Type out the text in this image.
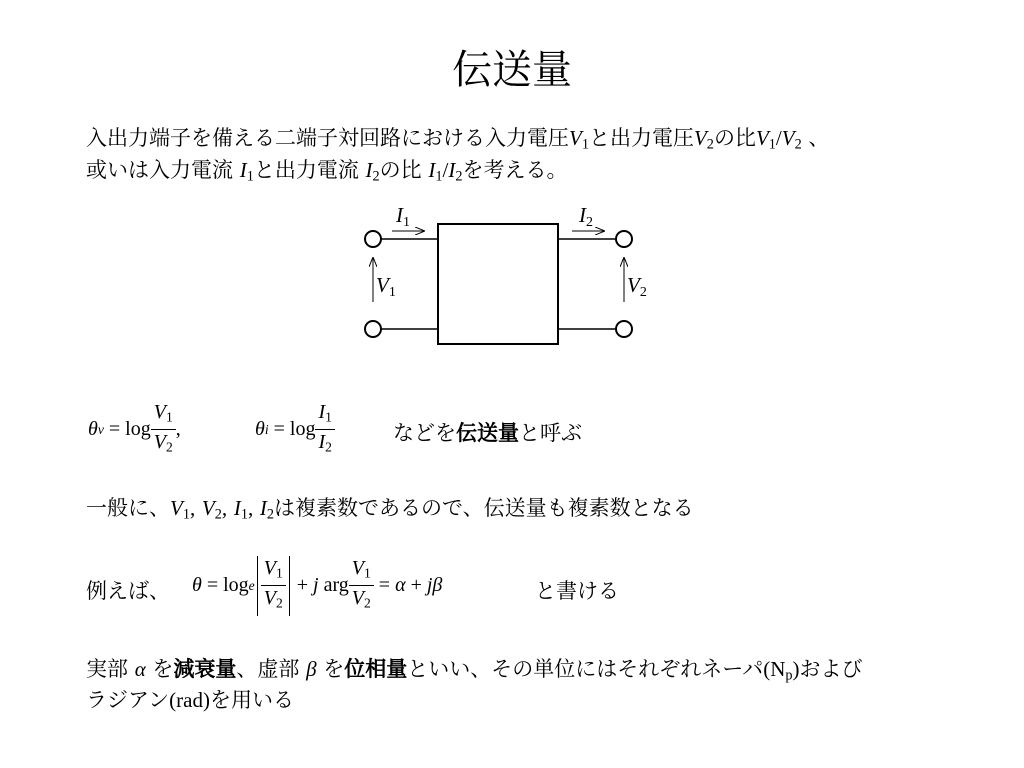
伝送量
入出力端子を備える二端子対回路における入力電圧$V_1$と出力電圧$V_2$の比$V_1/V_2$ 、
或いは入力電流 $I_1$と出力電流 $I_2$の比 $I_1/I_2$を考える。
I1	I2
V1	V2
θ v
=
$\log \frac{V_1}{V_2}$ ,	θ i
=
$\log \frac{I_1}{I_2}$	などを伝送量と呼ぶ
一般に、$V_1$, $V_2$, $I_1$, $I_2$は複素数であるので、伝送量も複素数となる
例えば、 θ
=
log e $\frac{V_1}{V_2}$
+
j
arg $\frac{V_1}{V_2}$
=
α
+
j β	と書ける
実部 α を減衰量、虚部 β を位相量といい、その単位にはそれぞれネーパ$(N_p)$および
ラジアン(rad)を用いる
